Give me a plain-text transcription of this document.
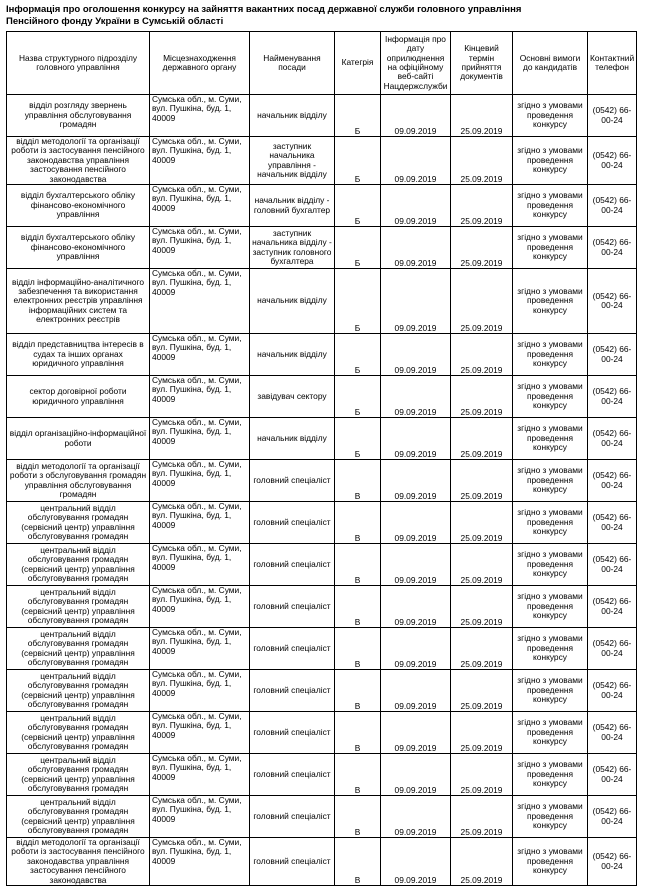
Інформація про оголошення конкурсу на зайняття вакантних посад державної служби головного управління Пенсійного фонду України в Сумській області
Назва структурного підрозділу головного управління	Місцезнаходження державного органу	Найменування посади	Категрія	Інформація про дату оприлюднення на офіційному веб-сайті Нацдержслужби	Кінцевий термін прийняття документів	Основні вимоги до кандидатів	Контактний телефон
відділ розгляду звернень управління обслуговування громадян	Сумська обл., м. Суми, вул. Пушкіна, буд. 1, 40009	начальник відділу	Б	09.09.2019	25.09.2019	згідно з умовами проведення конкурсу	(0542) 66-00-24
відділ методології та організації роботи із застосування пенсійного законодавства управління застосування пенсійного законодавства	Сумська обл., м. Суми, вул. Пушкіна, буд. 1, 40009	заступник начальника управління - начальник відділу	Б	09.09.2019	25.09.2019	згідно з умовами проведення конкурсу	(0542) 66-00-24
відділ бухгалтерського обліку фінансово-економічного управління	Сумська обл., м. Суми, вул. Пушкіна, буд. 1, 40009	начальник відділу - головний бухгалтер	Б	09.09.2019	25.09.2019	згідно з умовами проведення конкурсу	(0542) 66-00-24
відділ бухгалтерського обліку фінансово-економічного управління	Сумська обл., м. Суми, вул. Пушкіна, буд. 1, 40009	заступник начальника відділу - заступник головного бухгалтера	Б	09.09.2019	25.09.2019	згідно з умовами проведення конкурсу	(0542) 66-00-24
відділ інформаційно-аналітичного забезпечення та використання електронних реєстрів управління інформаційних систем та електронних реєстрів	Сумська обл., м. Суми, вул. Пушкіна, буд. 1, 40009	начальник відділу	Б	09.09.2019	25.09.2019	згідно з умовами проведення конкурсу	(0542) 66-00-24
відділ представництва інтересів в судах та інших органах юридичного управління	Сумська обл., м. Суми, вул. Пушкіна, буд. 1, 40009	начальник відділу	Б	09.09.2019	25.09.2019	згідно з умовами проведення конкурсу	(0542) 66-00-24
сектор договірної роботи юридичного управління	Сумська обл., м. Суми, вул. Пушкіна, буд. 1, 40009	завідувач сектору	Б	09.09.2019	25.09.2019	згідно з умовами проведення конкурсу	(0542) 66-00-24
відділ організаційно-інформаційної роботи	Сумська обл., м. Суми, вул. Пушкіна, буд. 1, 40009	начальник відділу	Б	09.09.2019	25.09.2019	згідно з умовами проведення конкурсу	(0542) 66-00-24
відділ методології та організації роботи з обслуговування громадян управління обслуговування громадян	Сумська обл., м. Суми, вул. Пушкіна, буд. 1, 40009	головний спеціаліст	В	09.09.2019	25.09.2019	згідно з умовами проведення конкурсу	(0542) 66-00-24
центральний відділ обслуговування громадян (сервісний центр) управління обслуговування громадян	Сумська обл., м. Суми, вул. Пушкіна, буд. 1, 40009	головний спеціаліст	В	09.09.2019	25.09.2019	згідно з умовами проведення конкурсу	(0542) 66-00-24
центральний відділ обслуговування громадян (сервісний центр) управління обслуговування громадян	Сумська обл., м. Суми, вул. Пушкіна, буд. 1, 40009	головний спеціаліст	В	09.09.2019	25.09.2019	згідно з умовами проведення конкурсу	(0542) 66-00-24
центральний відділ обслуговування громадян (сервісний центр) управління обслуговування громадян	Сумська обл., м. Суми, вул. Пушкіна, буд. 1, 40009	головний спеціаліст	В	09.09.2019	25.09.2019	згідно з умовами проведення конкурсу	(0542) 66-00-24
центральний відділ обслуговування громадян (сервісний центр) управління обслуговування громадян	Сумська обл., м. Суми, вул. Пушкіна, буд. 1, 40009	головний спеціаліст	В	09.09.2019	25.09.2019	згідно з умовами проведення конкурсу	(0542) 66-00-24
центральний відділ обслуговування громадян (сервісний центр) управління обслуговування громадян	Сумська обл., м. Суми, вул. Пушкіна, буд. 1, 40009	головний спеціаліст	В	09.09.2019	25.09.2019	згідно з умовами проведення конкурсу	(0542) 66-00-24
центральний відділ обслуговування громадян (сервісний центр) управління обслуговування громадян	Сумська обл., м. Суми, вул. Пушкіна, буд. 1, 40009	головний спеціаліст	В	09.09.2019	25.09.2019	згідно з умовами проведення конкурсу	(0542) 66-00-24
центральний відділ обслуговування громадян (сервісний центр) управління обслуговування громадян	Сумська обл., м. Суми, вул. Пушкіна, буд. 1, 40009	головний спеціаліст	В	09.09.2019	25.09.2019	згідно з умовами проведення конкурсу	(0542) 66-00-24
центральний відділ обслуговування громадян (сервісний центр) управління обслуговування громадян	Сумська обл., м. Суми, вул. Пушкіна, буд. 1, 40009	головний спеціаліст	В	09.09.2019	25.09.2019	згідно з умовами проведення конкурсу	(0542) 66-00-24
відділ методології та організації роботи із застосування пенсійного законодавства управління застосування пенсійного законодавства	Сумська обл., м. Суми, вул. Пушкіна, буд. 1, 40009	головний спеціаліст	В	09.09.2019	25.09.2019	згідно з умовами проведення конкурсу	(0542) 66-00-24
